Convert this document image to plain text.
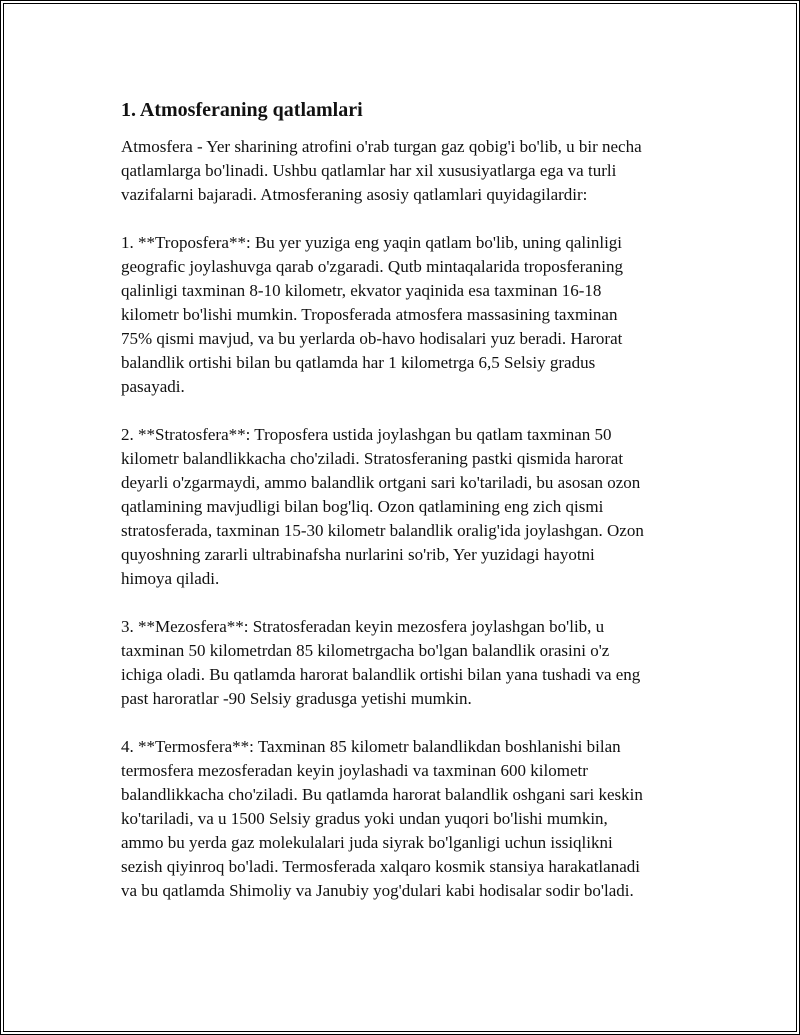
1. Atmosferaning qatlamlari

Atmosfera - Yer sharining atrofini o'rab turgan gaz qobig'i bo'lib, u bir necha
qatlamlarga bo'linadi. Ushbu qatlamlar har xil xususiyatlarga ega va turli
vazifalarni bajaradi. Atmosferaning asosiy qatlamlari quyidagilardir:

1. **Troposfera**: Bu yer yuziga eng yaqin qatlam bo'lib, uning qalinligi
geografic joylashuvga qarab o'zgaradi. Qutb mintaqalarida troposferaning
qalinligi taxminan 8-10 kilometr, ekvator yaqinida esa taxminan 16-18
kilometr bo'lishi mumkin. Troposferada atmosfera massasining taxminan
75% qismi mavjud, va bu yerlarda ob-havo hodisalari yuz beradi. Harorat
balandlik ortishi bilan bu qatlamda har 1 kilometrga 6,5 Selsiy gradus
pasayadi.

2. **Stratosfera**: Troposfera ustida joylashgan bu qatlam taxminan 50
kilometr balandlikkacha cho'ziladi. Stratosferaning pastki qismida harorat
deyarli o'zgarmaydi, ammo balandlik ortgani sari ko'tariladi, bu asosan ozon
qatlamining mavjudligi bilan bog'liq. Ozon qatlamining eng zich qismi
stratosferada, taxminan 15-30 kilometr balandlik oralig'ida joylashgan. Ozon
quyoshning zararli ultrabinafsha nurlarini so'rib, Yer yuzidagi hayotni
himoya qiladi.

3. **Mezosfera**: Stratosferadan keyin mezosfera joylashgan bo'lib, u
taxminan 50 kilometrdan 85 kilometrgacha bo'lgan balandlik orasini o'z
ichiga oladi. Bu qatlamda harorat balandlik ortishi bilan yana tushadi va eng
past haroratlar -90 Selsiy gradusga yetishi mumkin.

4. **Termosfera**: Taxminan 85 kilometr balandlikdan boshlanishi bilan
termosfera mezosferadan keyin joylashadi va taxminan 600 kilometr
balandlikkacha cho'ziladi. Bu qatlamda harorat balandlik oshgani sari keskin
ko'tariladi, va u 1500 Selsiy gradus yoki undan yuqori bo'lishi mumkin,
ammo bu yerda gaz molekulalari juda siyrak bo'lganligi uchun issiqlikni
sezish qiyinroq bo'ladi. Termosferada xalqaro kosmik stansiya harakatlanadi
va bu qatlamda Shimoliy va Janubiy yog'dulari kabi hodisalar sodir bo'ladi.
